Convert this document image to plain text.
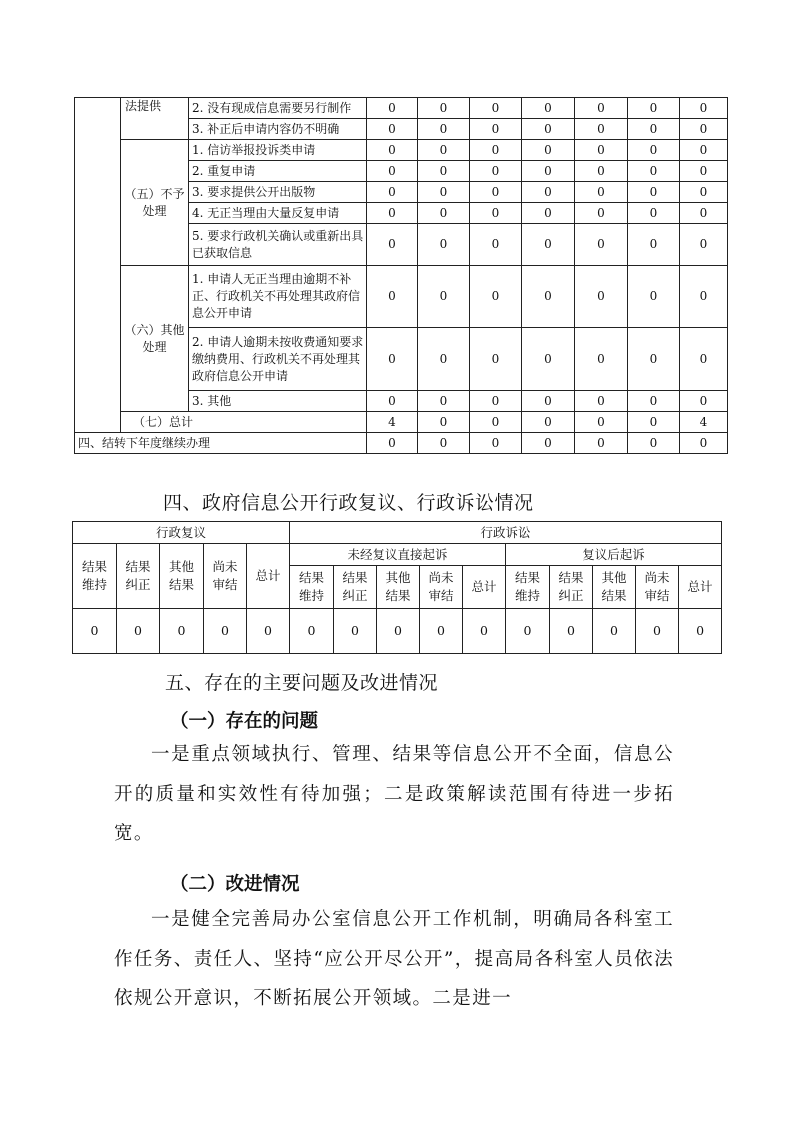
	法提供	2. 没有现成信息需要另行制作	0	0	0	0	0	0	0
		3. 补正后申请内容仍不明确	0	0	0	0	0	0	0
	（五）不予处理	1. 信访举报投诉类申请	0	0	0	0	0	0	0
		2. 重复申请	0	0	0	0	0	0	0
		3. 要求提供公开出版物	0	0	0	0	0	0	0
		4. 无正当理由大量反复申请	0	0	0	0	0	0	0
		5. 要求行政机关确认或重新出具已获取信息	0	0	0	0	0	0	0
	（六）其他处理	1. 申请人无正当理由逾期不补正、行政机关不再处理其政府信息公开申请	0	0	0	0	0	0	0
		2. 申请人逾期未按收费通知要求缴纳费用、行政机关不再处理其政府信息公开申请	0	0	0	0	0	0	0
		3. 其他	0	0	0	0	0	0	0
	（七）总计		4	0	0	0	0	0	4
四、结转下年度继续办理			0	0	0	0	0	0	0
四、政府信息公开行政复议、行政诉讼情况
行政复议					行政诉讼									
结果维持	结果纠正	其他结果	尚未审结	总计	未经复议直接起诉					复议后起诉				
					结果维持	结果纠正	其他结果	尚未审结	总计	结果维持	结果纠正	其他结果	尚未审结	总计
0	0	0	0	0	0	0	0	0	0	0	0	0	0	0
五、存在的主要问题及改进情况
（一）存在的问题
一是重点领域执行、管理、结果等信息公开不全面，信息公开的质量和实效性有待加强；二是政策解读范围有待进一步拓宽。
（二）改进情况
一是健全完善局办公室信息公开工作机制，明确局各科室工作任务、责任人、坚持“应公开尽公开”，提高局各科室人员依法依规公开意识，不断拓展公开领域。二是进一
